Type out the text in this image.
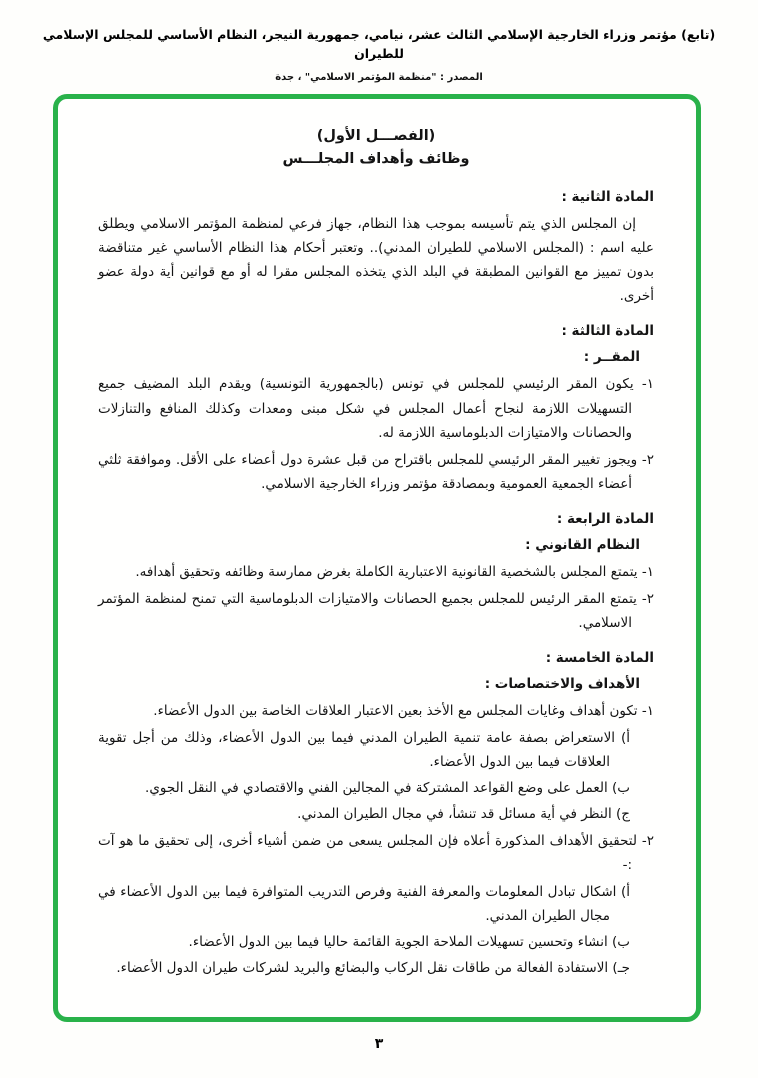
(تابع) مؤتمر وزراء الخارجية الإسلامي الثالث عشر، نيامي، جمهورية النيجر، النظام الأساسي للمجلس الإسلامي للطيران
المصدر : "منظمة المؤتمر الاسلامي" ، جدة
(الفصـــل الأول)
وظائف وأهداف المجلـــس
المادة الثانية :

إن المجلس الذي يتم تأسيسه بموجب هذا النظام، جهاز فرعي لمنظمة المؤتمر الاسلامي ويطلق عليه اسم : (المجلس الاسلامي للطيران المدني).. وتعتبر أحكام هذا النظام الأساسي غير متناقضة بدون تمييز مع القوانين المطبقة في البلد الذي يتخذه المجلس مقرا له أو مع قوانين أية دولة عضو أخرى.

المادة الثالثة :
المقــر :

١- يكون المقر الرئيسي للمجلس في تونس (بالجمهورية التونسية) ويقدم البلد المضيف جميع التسهيلات اللازمة لنجاح أعمال المجلس في شكل مبنى ومعدات وكذلك المنافع والتنازلات والحصانات والامتيازات الدبلوماسية اللازمة له.

٢- ويجوز تغيير المقر الرئيسي للمجلس باقتراح من قبل عشرة دول أعضاء على الأقل. وموافقة ثلثي أعضاء الجمعية العمومية وبمصادقة مؤتمر وزراء الخارجية الاسلامي.

المادة الرابعة :
النظام القانوني :

١- يتمتع المجلس بالشخصية القانونية الاعتبارية الكاملة بغرض ممارسة وظائفه وتحقيق أهدافه.

٢- يتمتع المقر الرئيس للمجلس بجميع الحصانات والامتيازات الدبلوماسية التي تمنح لمنظمة المؤتمر الاسلامي.

المادة الخامسة :
الأهداف والاختصاصات :

١- تكون أهداف وغايات المجلس مع الأخذ بعين الاعتبار العلاقات الخاصة بين الدول الأعضاء.

أ) الاستعراض بصفة عامة تنمية الطيران المدني فيما بين الدول الأعضاء، وذلك من أجل تقوية العلاقات فيما بين الدول الأعضاء.

ب) العمل على وضع القواعد المشتركة في المجالين الفني والاقتصادي في النقل الجوي.

ج) النظر في أية مسائل قد تنشأ، في مجال الطيران المدني.

٢- لتحقيق الأهداف المذكورة أعلاه فإن المجلس يسعى من ضمن أشياء أخرى، إلى تحقيق ما هو آت :-

أ) اشكال تبادل المعلومات والمعرفة الفنية وفرص التدريب المتوافرة فيما بين الدول الأعضاء في مجال الطيران المدني.

ب) انشاء وتحسين تسهيلات الملاحة الجوية القائمة حاليا فيما بين الدول الأعضاء.

جـ) الاستفادة الفعالة من طاقات نقل الركاب والبضائع والبريد لشركات طيران الدول الأعضاء.

٣
